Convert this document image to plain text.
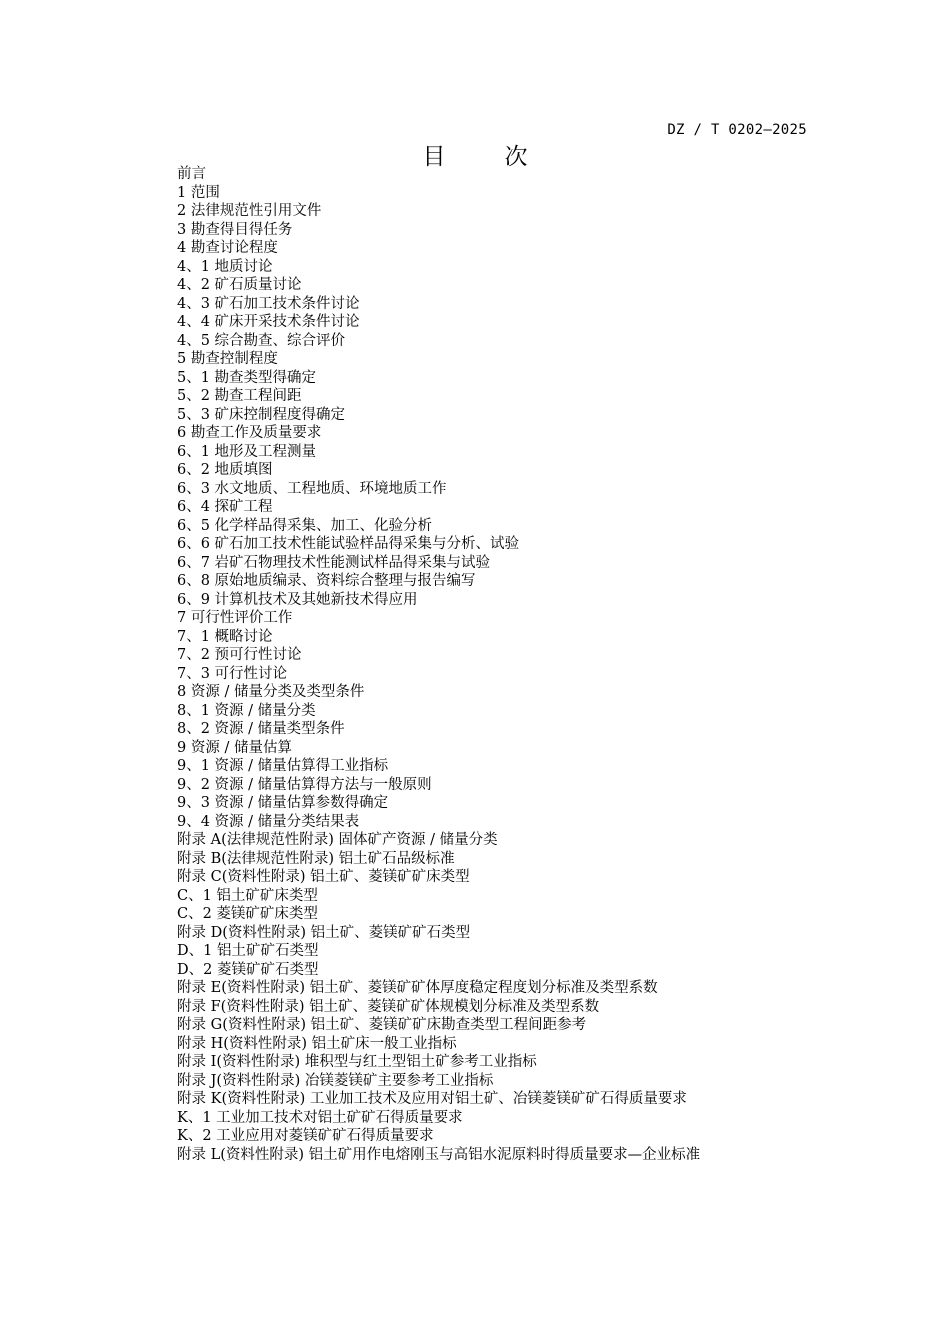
DZ / T 0202—2025
目　次
前言
1 范围
2 法律规范性引用文件
3 勘查得目得任务
4 勘查讨论程度
4、1 地质讨论
4、2 矿石质量讨论
4、3 矿石加工技术条件讨论
4、4 矿床开采技术条件讨论
4、5 综合勘查、综合评价
5 勘查控制程度
5、1 勘查类型得确定
5、2 勘查工程间距
5、3 矿床控制程度得确定
6 勘查工作及质量要求
6、1 地形及工程测量
6、2 地质填图
6、3 水文地质、工程地质、环境地质工作
6、4 探矿工程
6、5 化学样品得采集、加工、化验分析
6、6 矿石加工技术性能试验样品得采集与分析、试验
6、7 岩矿石物理技术性能测试样品得采集与试验
6、8 原始地质编录、资料综合整理与报告编写
6、9 计算机技术及其她新技术得应用
7 可行性评价工作
7、1 概略讨论
7、2 预可行性讨论
7、3 可行性讨论
8 资源 / 储量分类及类型条件
8、1 资源 / 储量分类
8、2 资源 / 储量类型条件
9 资源 / 储量估算
9、1 资源 / 储量估算得工业指标
9、2 资源 / 储量估算得方法与一般原则
9、3 资源 / 储量估算参数得确定
9、4 资源 / 储量分类结果表
附录 A(法律规范性附录) 固体矿产资源 / 储量分类
附录 B(法律规范性附录) 铝土矿石品级标准
附录 C(资料性附录) 铝土矿、菱镁矿矿床类型
C、1 铝土矿矿床类型
C、2 菱镁矿矿床类型
附录 D(资料性附录) 铝土矿、菱镁矿矿石类型
D、1 铝土矿矿石类型
D、2 菱镁矿矿石类型
附录 E(资料性附录) 铝土矿、菱镁矿矿体厚度稳定程度划分标准及类型系数
附录 F(资料性附录) 铝土矿、菱镁矿矿体规模划分标准及类型系数
附录 G(资料性附录) 铝土矿、菱镁矿矿床勘查类型工程间距参考
附录 H(资料性附录) 铝土矿床一般工业指标
附录 I(资料性附录) 堆积型与红土型铝土矿参考工业指标
附录 J(资料性附录) 冶镁菱镁矿主要参考工业指标
附录 K(资料性附录) 工业加工技术及应用对铝土矿、冶镁菱镁矿矿石得质量要求
K、1 工业加工技术对铝土矿矿石得质量要求
K、2 工业应用对菱镁矿矿石得质量要求
附录 L(资料性附录) 铝土矿用作电熔刚玉与高铝水泥原料时得质量要求—企业标准
